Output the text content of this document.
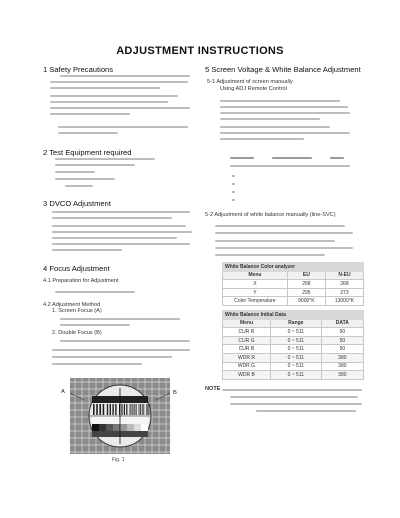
ADJUSTMENT INSTRUCTIONS
1 Safety Precautions
2 Test Equipment required
3 DVCO Adjustment
4 Focus Adjustment
4.1 Preparation for Adjustment
4.2 Adjustment Method
1. Screen Focus (A)
2. Double Focus (B)
A	B
Fig. 1
5 Screen Voltage & White Balance Adjustment
5-1 Adjustment of screen manually
Using ADJ Remote Control
5-2 Adjustment of white balance manually (line-SVC)
White Balance Color analyzer		
Menu	EU	N-EU
X	268	268
Y	295	273
Color Temperature	9000°K	13000°K
White Balance Initial Data		
Menu	Range	DATA
CUR R	0 ~ 511	50
CUR G	0 ~ 511	50
CUR B	0 ~ 511	50
WDR R	0 ~ 511	380
WDR G	0 ~ 511	380
WDR B	0 ~ 511	380
NOTE
